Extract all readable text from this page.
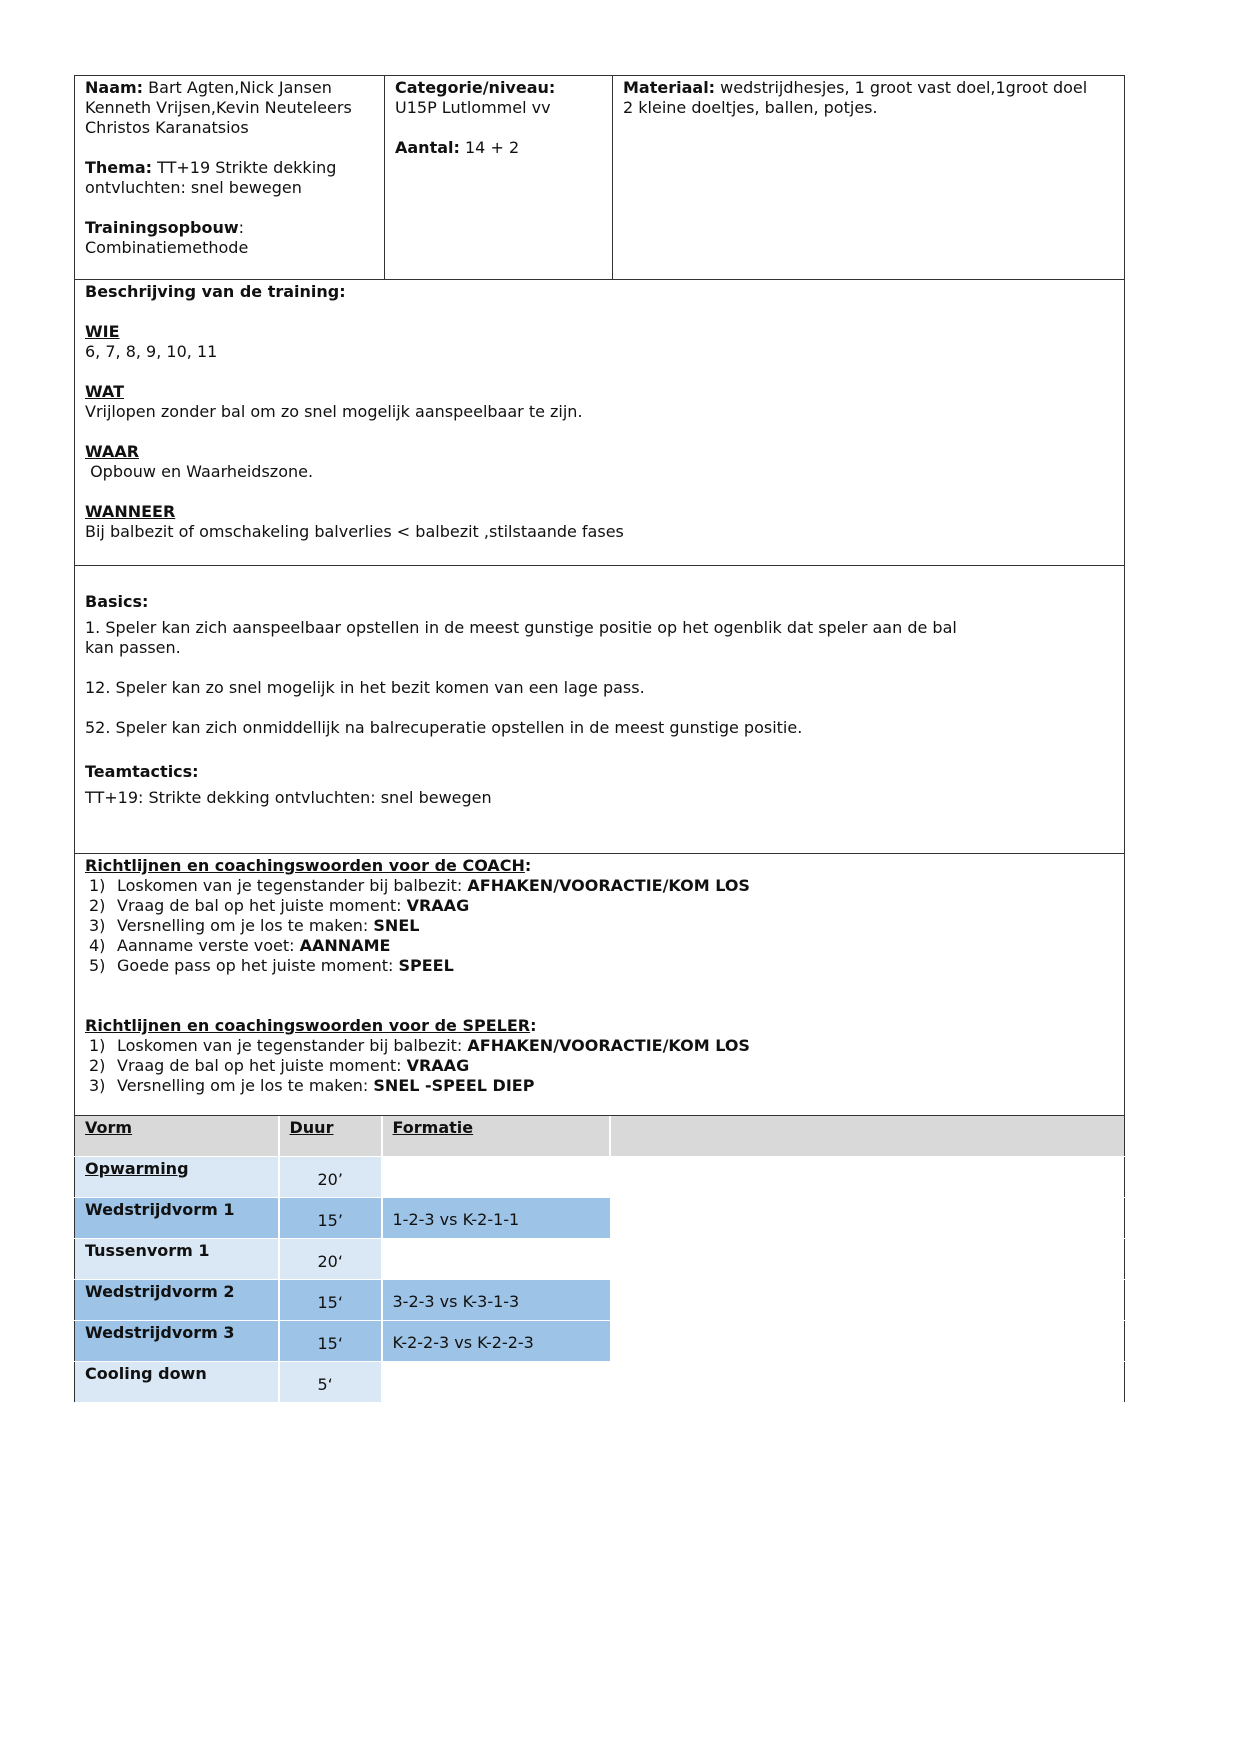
Naam: Bart Agten,Nick Jansen
Kenneth Vrijsen,Kevin Neuteleers
Christos Karanatsios
Thema: TT+19 Strikte dekking
ontvluchten: snel bewegen
Trainingsopbouw:
Combinatiemethode
Categorie/niveau:
U15P Lutlommel vv
Aantal: 14 + 2
Materiaal: wedstrijdhesjes, 1 groot vast doel,1groot doel
2 kleine doeltjes, ballen, potjes.
Beschrijving van de training:
WIE
6, 7, 8, 9, 10, 11
WAT
Vrijlopen zonder bal om zo snel mogelijk aanspeelbaar te zijn.
WAAR
Opbouw en Waarheidszone.
WANNEER
Bij balbezit of omschakeling balverlies < balbezit ,stilstaande fases
Basics:
1. Speler kan zich aanspeelbaar opstellen in de meest gunstige positie op het ogenblik dat speler aan de bal
kan passen.
12. Speler kan zo snel mogelijk in het bezit komen van een lage pass.
52. Speler kan zich onmiddellijk na balrecuperatie opstellen in de meest gunstige positie.
Teamtactics:
TT+19: Strikte dekking ontvluchten: snel bewegen
Richtlijnen en coachingswoorden voor de COACH:
1) Loskomen van je tegenstander bij balbezit: AFHAKEN/VOORACTIE/KOM LOS
2) Vraag de bal op het juiste moment: VRAAG
3) Versnelling om je los te maken: SNEL
4) Aanname verste voet: AANNAME
5) Goede pass op het juiste moment: SPEEL
Richtlijnen en coachingswoorden voor de SPELER:
1) Loskomen van je tegenstander bij balbezit: AFHAKEN/VOORACTIE/KOM LOS
2) Vraag de bal op het juiste moment: VRAAG
3) Versnelling om je los te maken: SNEL -SPEEL DIEP
Vorm	Duur	Formatie	
Opwarming	20’		
Wedstrijdvorm 1	15’	1-2-3 vs K-2-1-1	
Tussenvorm 1	20‘		
Wedstrijdvorm 2	15‘	3-2-3 vs K-3-1-3	
Wedstrijdvorm 3	15‘	K-2-2-3 vs K-2-2-3	
Cooling down	5‘		
